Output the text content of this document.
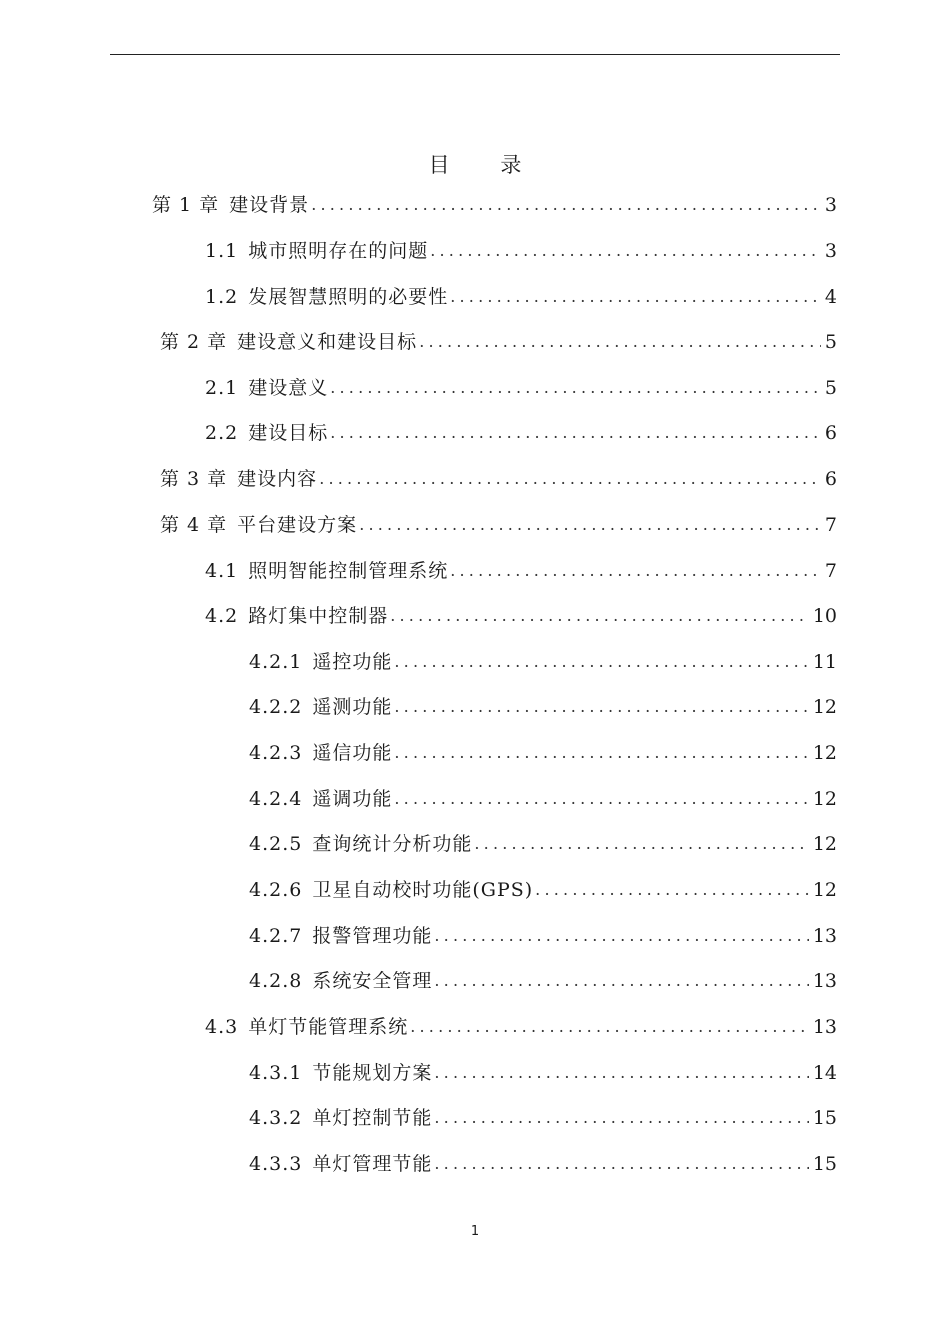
目 录
第 1 章 建设背景 .....	3
1.1 城市照明存在的问题 .....	3
1.2 发展智慧照明的必要性 .....	4
第 2 章 建设意义和建设目标 .....	5
2.1 建设意义 .....	5
2.2 建设目标 .....	6
第 3 章 建设内容 .....	6
第 4 章 平台建设方案 .....	7
4.1 照明智能控制管理系统 .....	7
4.2 路灯集中控制器 .....	10
4.2.1 遥控功能 .....	11
4.2.2 遥测功能 .....	12
4.2.3 遥信功能 .....	12
4.2.4 遥调功能 .....	12
4.2.5 查询统计分析功能 .....	12
4.2.6 卫星自动校时功能(GPS) .....	12
4.2.7 报警管理功能 .....	13
4.2.8 系统安全管理 .....	13
4.3 单灯节能管理系统 .....	13
4.3.1 节能规划方案 .....	14
4.3.2 单灯控制节能 .....	15
4.3.3 单灯管理节能 .....	15
1
